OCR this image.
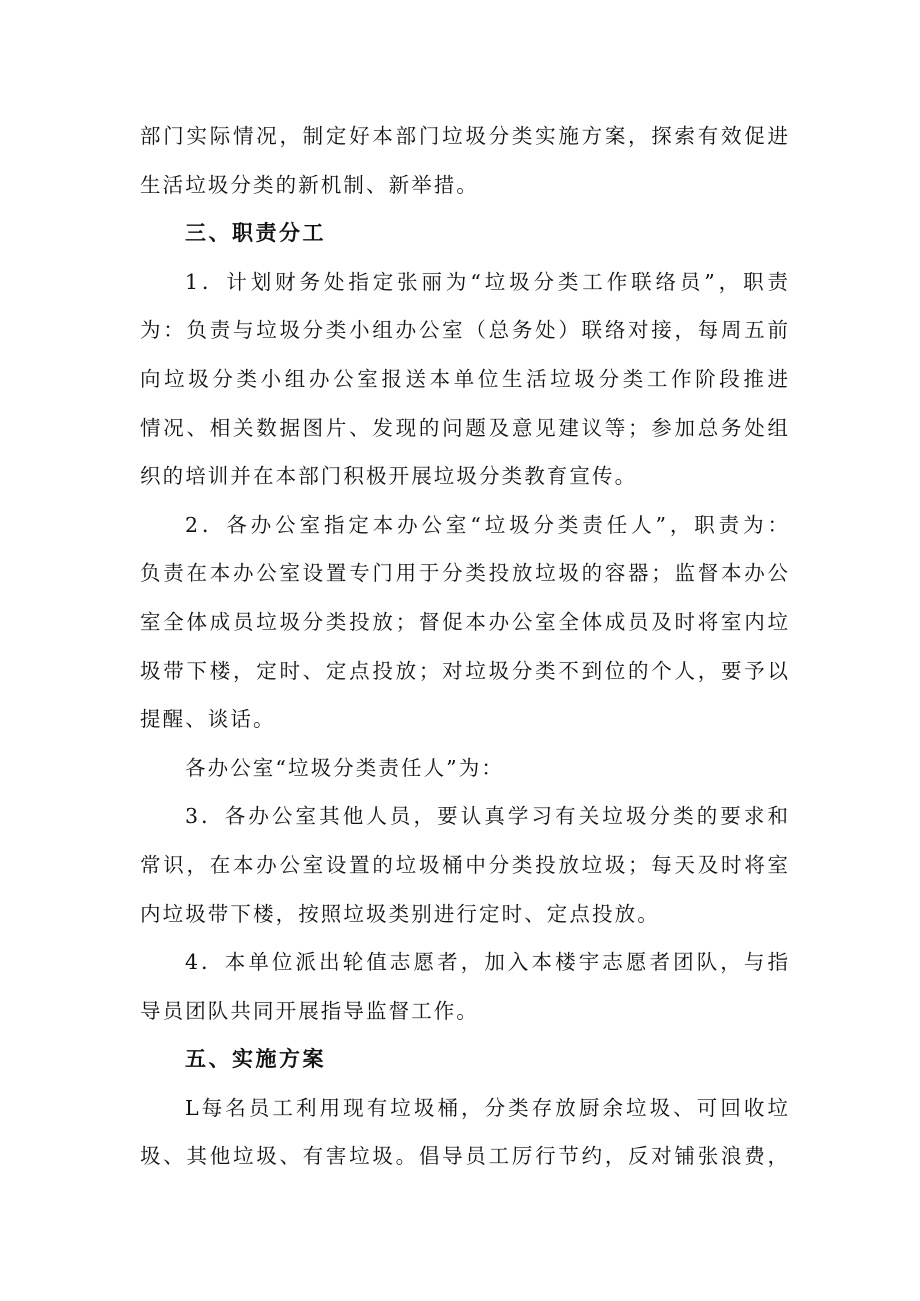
部门实际情况，制定好本部门垃圾分类实施方案，探索有效促进
生活垃圾分类的新机制、新举措。
三、职责分工
1．计划财务处指定张丽为“垃圾分类工作联络员”，职责
为：负责与垃圾分类小组办公室（总务处）联络对接，每周五前
向垃圾分类小组办公室报送本单位生活垃圾分类工作阶段推进
情况、相关数据图片、发现的问题及意见建议等；参加总务处组
织的培训并在本部门积极开展垃圾分类教育宣传。
2．各办公室指定本办公室“垃圾分类责任人”，职责为：
负责在本办公室设置专门用于分类投放垃圾的容器；监督本办公
室全体成员垃圾分类投放；督促本办公室全体成员及时将室内垃
圾带下楼，定时、定点投放；对垃圾分类不到位的个人，要予以
提醒、谈话。
各办公室“垃圾分类责任人”为：
3．各办公室其他人员，要认真学习有关垃圾分类的要求和
常识，在本办公室设置的垃圾桶中分类投放垃圾；每天及时将室
内垃圾带下楼，按照垃圾类别进行定时、定点投放。
4．本单位派出轮值志愿者，加入本楼宇志愿者团队，与指
导员团队共同开展指导监督工作。
五、实施方案
L每名员工利用现有垃圾桶，分类存放厨余垃圾、可回收垃
圾、其他垃圾、有害垃圾。倡导员工厉行节约，反对铺张浪费，
